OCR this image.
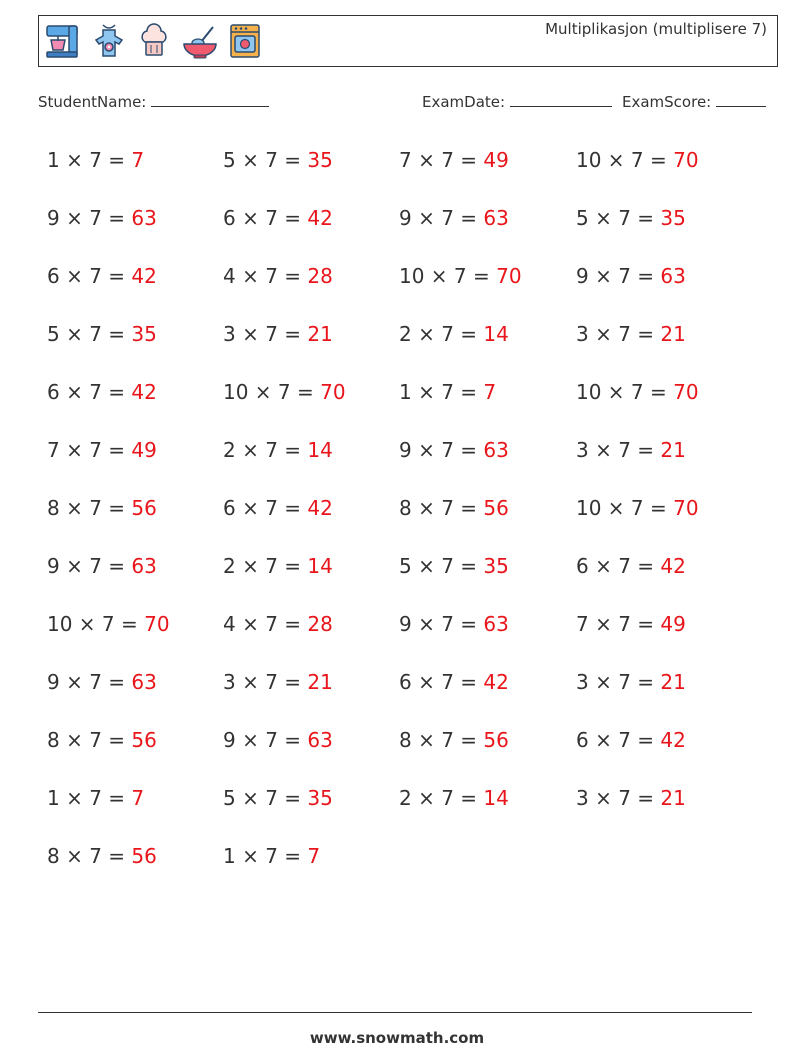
Multiplikasjon (multiplisere 7)
StudentName:	ExamDate:	ExamScore:
1 × 7 = 7	5 × 7 = 35	7 × 7 = 49	10 × 7 = 70
9 × 7 = 63	6 × 7 = 42	9 × 7 = 63	5 × 7 = 35
6 × 7 = 42	4 × 7 = 28	10 × 7 = 70	9 × 7 = 63
5 × 7 = 35	3 × 7 = 21	2 × 7 = 14	3 × 7 = 21
6 × 7 = 42	10 × 7 = 70	1 × 7 = 7	10 × 7 = 70
7 × 7 = 49	2 × 7 = 14	9 × 7 = 63	3 × 7 = 21
8 × 7 = 56	6 × 7 = 42	8 × 7 = 56	10 × 7 = 70
9 × 7 = 63	2 × 7 = 14	5 × 7 = 35	6 × 7 = 42
10 × 7 = 70	4 × 7 = 28	9 × 7 = 63	7 × 7 = 49
9 × 7 = 63	3 × 7 = 21	6 × 7 = 42	3 × 7 = 21
8 × 7 = 56	9 × 7 = 63	8 × 7 = 56	6 × 7 = 42
1 × 7 = 7	5 × 7 = 35	2 × 7 = 14	3 × 7 = 21
8 × 7 = 56	1 × 7 = 7
www.snowmath.com
